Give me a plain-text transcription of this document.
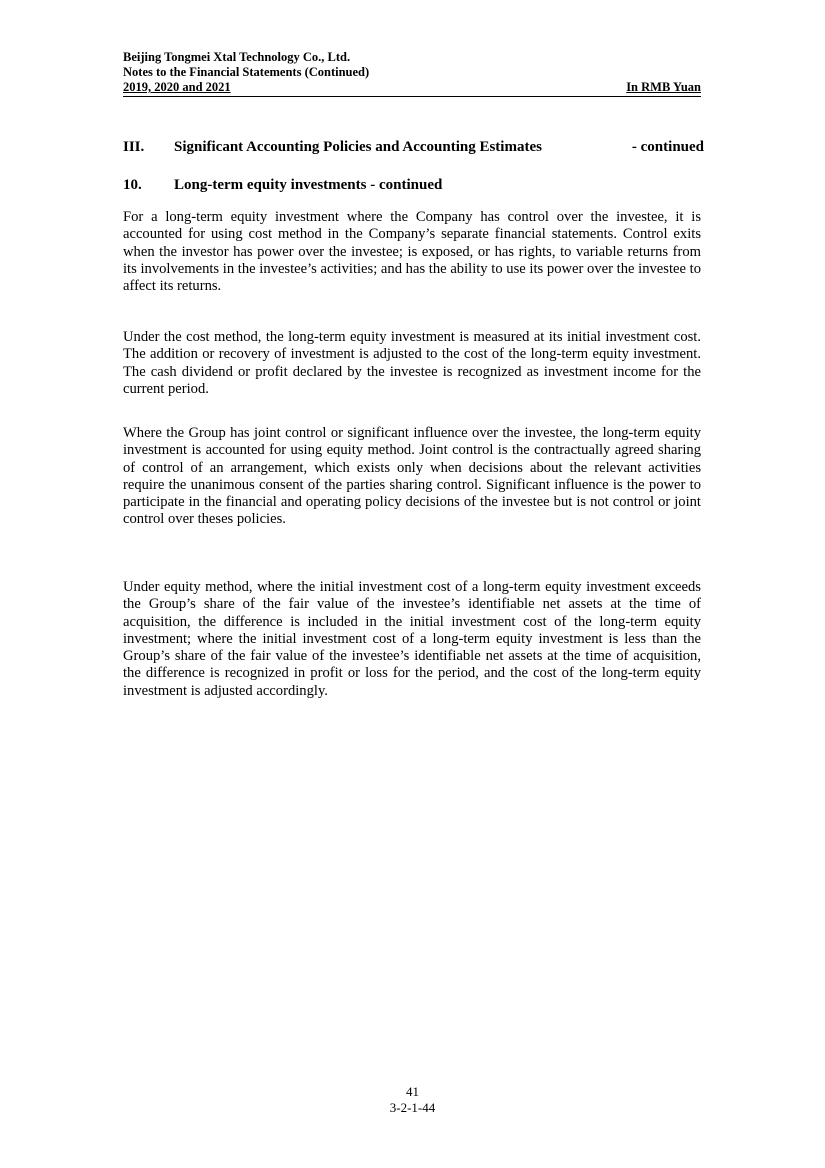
Beijing Tongmei Xtal Technology Co., Ltd.
Notes to the Financial Statements (Continued)
2019, 2020 and 2021	In RMB Yuan
III.	Significant Accounting Policies and Accounting Estimates	- continued
10.	Long-term equity investments - continued

For a long-term equity investment where the Company has control over the investee, it is accounted for using cost method in the Company’s separate financial statements. Control exits when the investor has power over the investee; is exposed, or has rights, to variable returns from its involvements in the investee’s activities; and has the ability to use its power over the investee to affect its returns.

Under the cost method, the long-term equity investment is measured at its initial investment cost. The addition or recovery of investment is adjusted to the cost of the long-term equity investment. The cash dividend or profit declared by the investee is recognized as investment income for the current period.

Where the Group has joint control or significant influence over the investee, the long-term equity investment is accounted for using equity method. Joint control is the contractually agreed sharing of control of an arrangement, which exists only when decisions about the relevant activities require the unanimous consent of the parties sharing control. Significant influence is the power to participate in the financial and operating policy decisions of the investee but is not control or joint control over theses policies.

Under equity method, where the initial investment cost of a long-term equity investment exceeds the Group’s share of the fair value of the investee’s identifiable net assets at the time of acquisition, the difference is included in the initial investment cost of the long-term equity investment; where the initial investment cost of a long-term equity investment is less than the Group’s share of the fair value of the investee’s identifiable net assets at the time of acquisition, the difference is recognized in profit or loss for the period, and the cost of the long-term equity investment is adjusted accordingly.

41
3-2-1-44
